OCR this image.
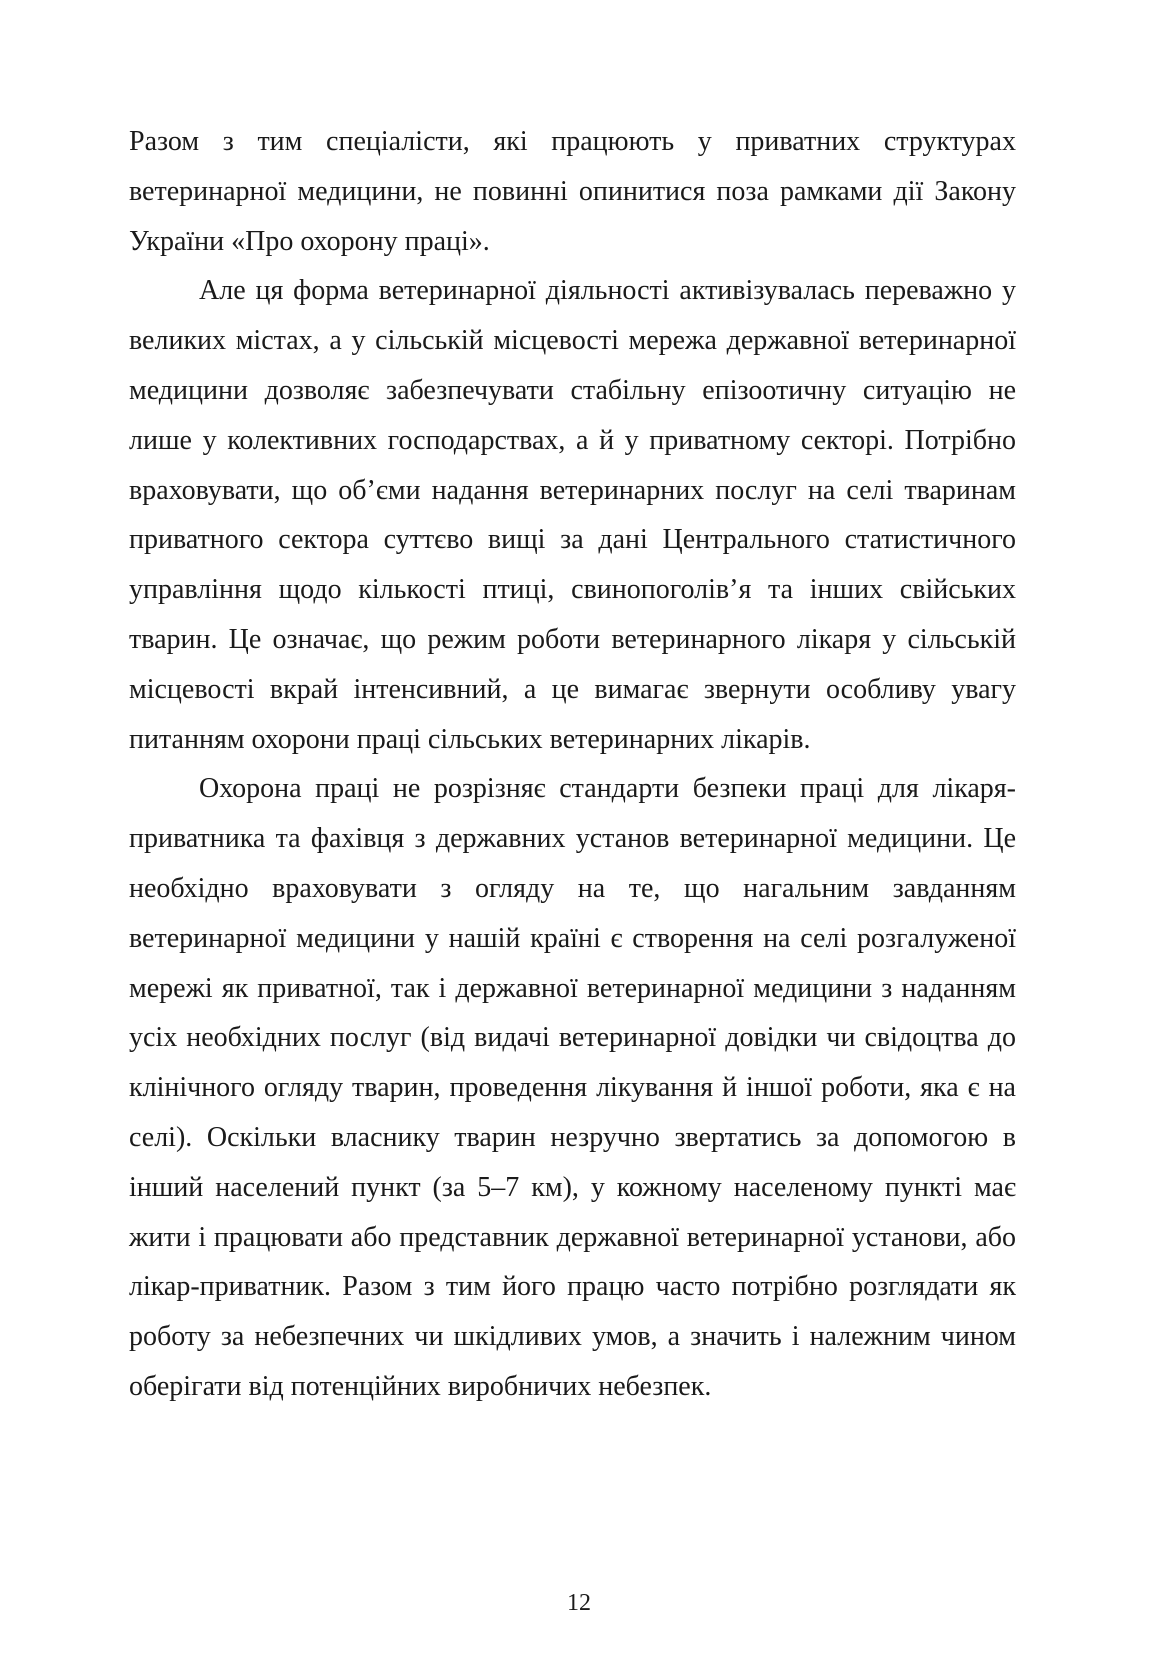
Разом з тим спеціалісти, які працюють у приватних структурах ветеринарної медицини, не повинні опинитися поза рамками дії Закону України «Про охорону праці».

Але ця форма ветеринарної діяльності активізувалась переважно у великих містах, а у сільській місцевості мережа державної ветеринарної медицини дозволяє забезпечувати стабільну епізоотичну ситуацію не лише у колективних господарствах, а й у приватному секторі. Потрібно враховувати, що об’єми надання ветеринарних послуг на селі тваринам приватного сектора суттєво вищі за дані Центрального статистичного управління щодо кількості птиці, свинопоголів’я та інших свійських тварин. Це означає, що режим роботи ветеринарного лікаря у сільській місцевості вкрай інтенсивний, а це вимагає звернути особливу увагу питанням охорони праці сільських ветеринарних лікарів.

Охорона праці не розрізняє стандарти безпеки праці для лікаря-приватника та фахівця з державних установ ветеринарної медицини. Це необхідно враховувати з огляду на те, що нагальним завданням ветеринарної медицини у нашій країні є створення на селі розгалуженої мережі як приватної, так і державної ветеринарної медицини з наданням усіх необхідних послуг (від видачі ветеринарної довідки чи свідоцтва до клінічного огляду тварин, проведення лікування й іншої роботи, яка є на селі). Оскільки власнику тварин незручно звертатись за допомогою в інший населений пункт (за 5–7 км), у кожному населеному пункті має жити і працювати або представник державної ветеринарної установи, або лікар-приватник. Разом з тим його працю часто потрібно розглядати як роботу за небезпечних чи шкідливих умов, а значить і належним чином оберігати від потенційних виробничих небезпек.

12
